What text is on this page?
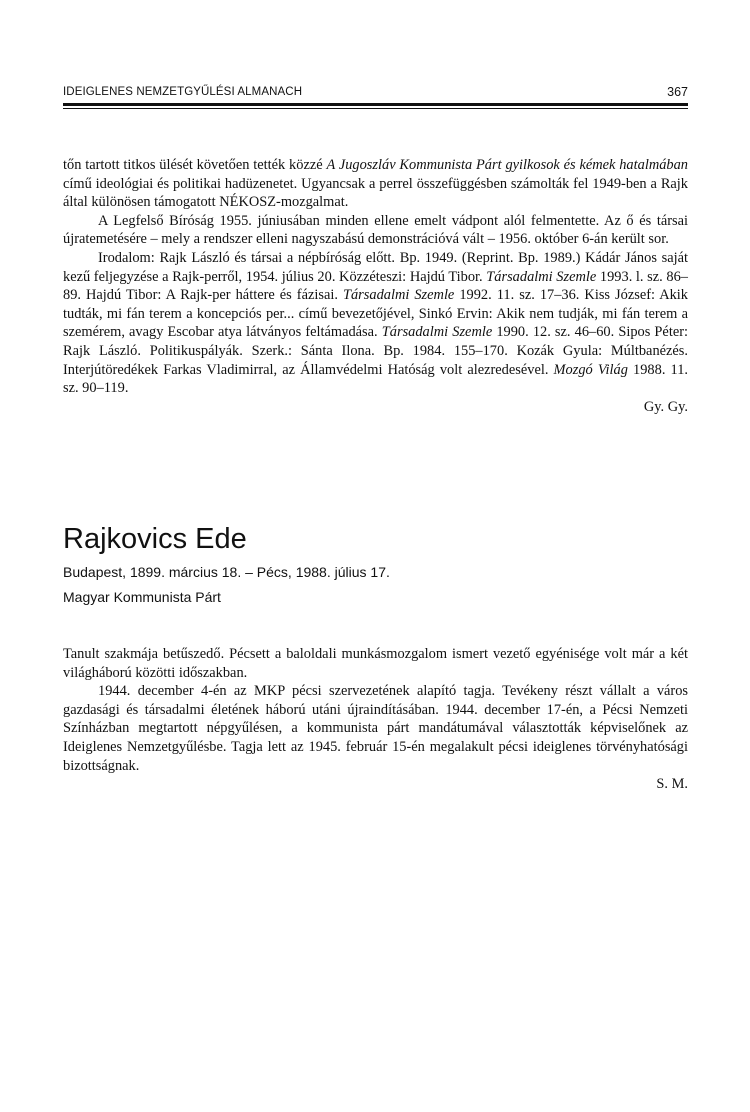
IDEIGLENES NEMZETGYŰLÉSI ALMANACH	367

tőn tartott titkos ülését követően tették közzé A Jugoszláv Kommunista Párt gyilkosok és kémek hatalmában című ideológiai és politikai hadüzenetet. Ugyancsak a perrel összefüggésben számolták fel 1949-ben a Rajk által különösen támogatott NÉKOSZ-mozgalmat.

A Legfelső Bíróság 1955. júniusában minden ellene emelt vádpont alól felmentette. Az ő és társai újratemetésére – mely a rendszer elleni nagyszabású demonstrációvá vált – 1956. október 6-án került sor.

Irodalom: Rajk László és társai a népbíróság előtt. Bp. 1949. (Reprint. Bp. 1989.) Kádár János saját kezű feljegyzése a Rajk-perről, 1954. július 20. Közzéteszi: Hajdú Tibor. Társadalmi Szemle 1993. l. sz. 86–89. Hajdú Tibor: A Rajk-per háttere és fázisai. Társadalmi Szemle 1992. 11. sz. 17–36. Kiss József: Akik tudták, mi fán terem a koncepciós per... című bevezetőjével, Sinkó Ervin: Akik nem tudják, mi fán terem a szemérem, avagy Escobar atya látványos feltámadása. Társadalmi Szemle 1990. 12. sz. 46–60. Sipos Péter: Rajk László. Politikuspályák. Szerk.: Sánta Ilona. Bp. 1984. 155–170. Kozák Gyula: Múltbanézés. Interjútöredékek Farkas Vladimirral, az Államvédelmi Hatóság volt alezredesével. Mozgó Világ 1988. 11. sz. 90–119.

Gy. Gy.

Rajkovics Ede

Budapest, 1899. március 18. – Pécs, 1988. július 17.

Magyar Kommunista Párt

Tanult szakmája betűszedő. Pécsett a baloldali munkásmozgalom ismert vezető egyénisége volt már a két világháború közötti időszakban.

1944. december 4-én az MKP pécsi szervezetének alapító tagja. Tevékeny részt vállalt a város gazdasági és társadalmi életének háború utáni újraindításában. 1944. december 17-én, a Pécsi Nemzeti Színházban megtartott népgyűlésen, a kommunista párt mandátumával választották képviselőnek az Ideiglenes Nemzetgyűlésbe. Tagja lett az 1945. február 15-én megalakult pécsi ideiglenes törvényhatósági bizottságnak.

S. M.
